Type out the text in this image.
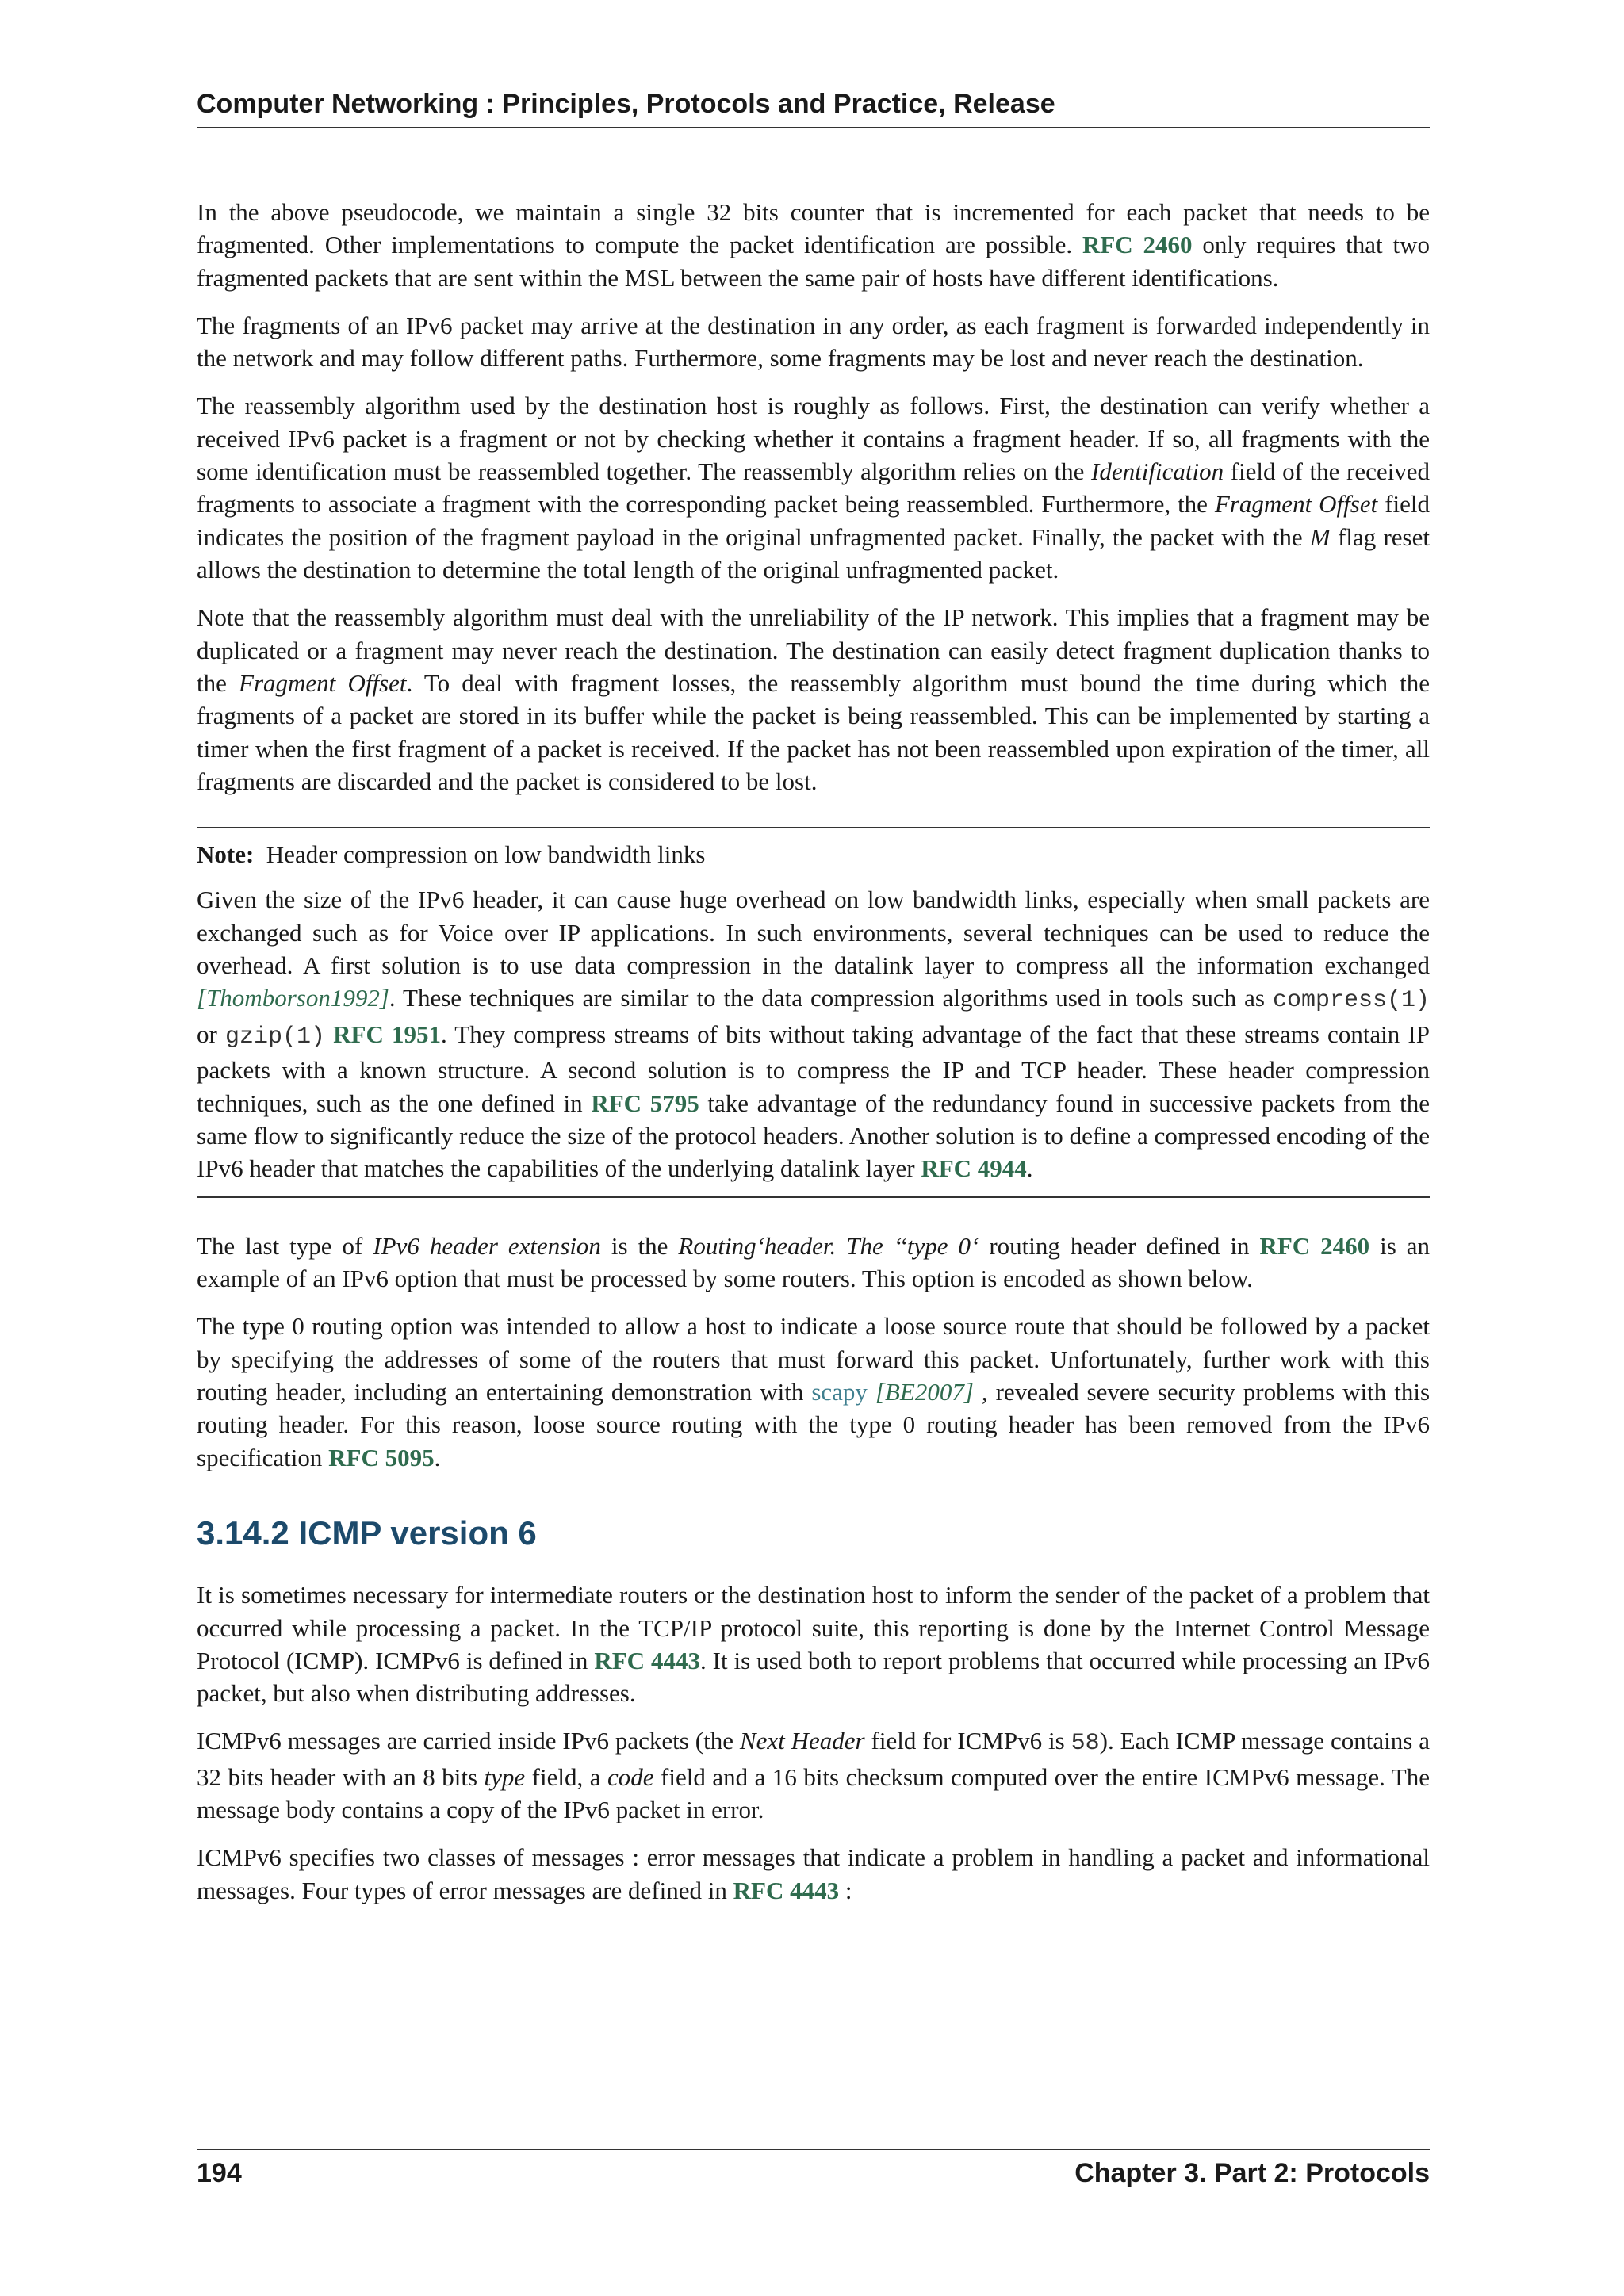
Computer Networking : Principles, Protocols and Practice, Release

In the above pseudocode, we maintain a single 32 bits counter that is incremented for each packet that needs to be fragmented. Other implementations to compute the packet identification are possible. RFC 2460 only requires that two fragmented packets that are sent within the MSL between the same pair of hosts have different identifications.

The fragments of an IPv6 packet may arrive at the destination in any order, as each fragment is forwarded independently in the network and may follow different paths. Furthermore, some fragments may be lost and never reach the destination.

The reassembly algorithm used by the destination host is roughly as follows. First, the destination can verify whether a received IPv6 packet is a fragment or not by checking whether it contains a fragment header. If so, all fragments with the some identification must be reassembled together. The reassembly algorithm relies on the Identification field of the received fragments to associate a fragment with the corresponding packet being reassembled. Furthermore, the Fragment Offset field indicates the position of the fragment payload in the original unfragmented packet. Finally, the packet with the M flag reset allows the destination to determine the total length of the original unfragmented packet.

Note that the reassembly algorithm must deal with the unreliability of the IP network. This implies that a fragment may be duplicated or a fragment may never reach the destination. The destination can easily detect fragment duplication thanks to the Fragment Offset. To deal with fragment losses, the reassembly algorithm must bound the time during which the fragments of a packet are stored in its buffer while the packet is being reassembled. This can be implemented by starting a timer when the first fragment of a packet is received. If the packet has not been reassembled upon expiration of the timer, all fragments are discarded and the packet is considered to be lost.

Note: Header compression on low bandwidth links

Given the size of the IPv6 header, it can cause huge overhead on low bandwidth links, especially when small packets are exchanged such as for Voice over IP applications. In such environments, several techniques can be used to reduce the overhead. A first solution is to use data compression in the datalink layer to compress all the information exchanged [Thomborson1992]. These techniques are similar to the data compression algorithms used in tools such as compress(1) or gzip(1) RFC 1951. They compress streams of bits without taking advantage of the fact that these streams contain IP packets with a known structure. A second solution is to compress the IP and TCP header. These header compression techniques, such as the one defined in RFC 5795 take advantage of the redundancy found in successive packets from the same flow to significantly reduce the size of the protocol headers. Another solution is to define a compressed encoding of the IPv6 header that matches the capabilities of the underlying datalink layer RFC 4944.

The last type of IPv6 header extension is the Routing‘header. The ‘‘type 0‘ routing header defined in RFC 2460 is an example of an IPv6 option that must be processed by some routers. This option is encoded as shown below.

The type 0 routing option was intended to allow a host to indicate a loose source route that should be followed by a packet by specifying the addresses of some of the routers that must forward this packet. Unfortunately, further work with this routing header, including an entertaining demonstration with scapy [BE2007] , revealed severe security problems with this routing header. For this reason, loose source routing with the type 0 routing header has been removed from the IPv6 specification RFC 5095.

3.14.2 ICMP version 6

It is sometimes necessary for intermediate routers or the destination host to inform the sender of the packet of a problem that occurred while processing a packet. In the TCP/IP protocol suite, this reporting is done by the Internet Control Message Protocol (ICMP). ICMPv6 is defined in RFC 4443. It is used both to report problems that occurred while processing an IPv6 packet, but also when distributing addresses.

ICMPv6 messages are carried inside IPv6 packets (the Next Header field for ICMPv6 is 58). Each ICMP message contains a 32 bits header with an 8 bits type field, a code field and a 16 bits checksum computed over the entire ICMPv6 message. The message body contains a copy of the IPv6 packet in error.

ICMPv6 specifies two classes of messages : error messages that indicate a problem in handling a packet and informational messages. Four types of error messages are defined in RFC 4443 :

194	Chapter 3. Part 2: Protocols
